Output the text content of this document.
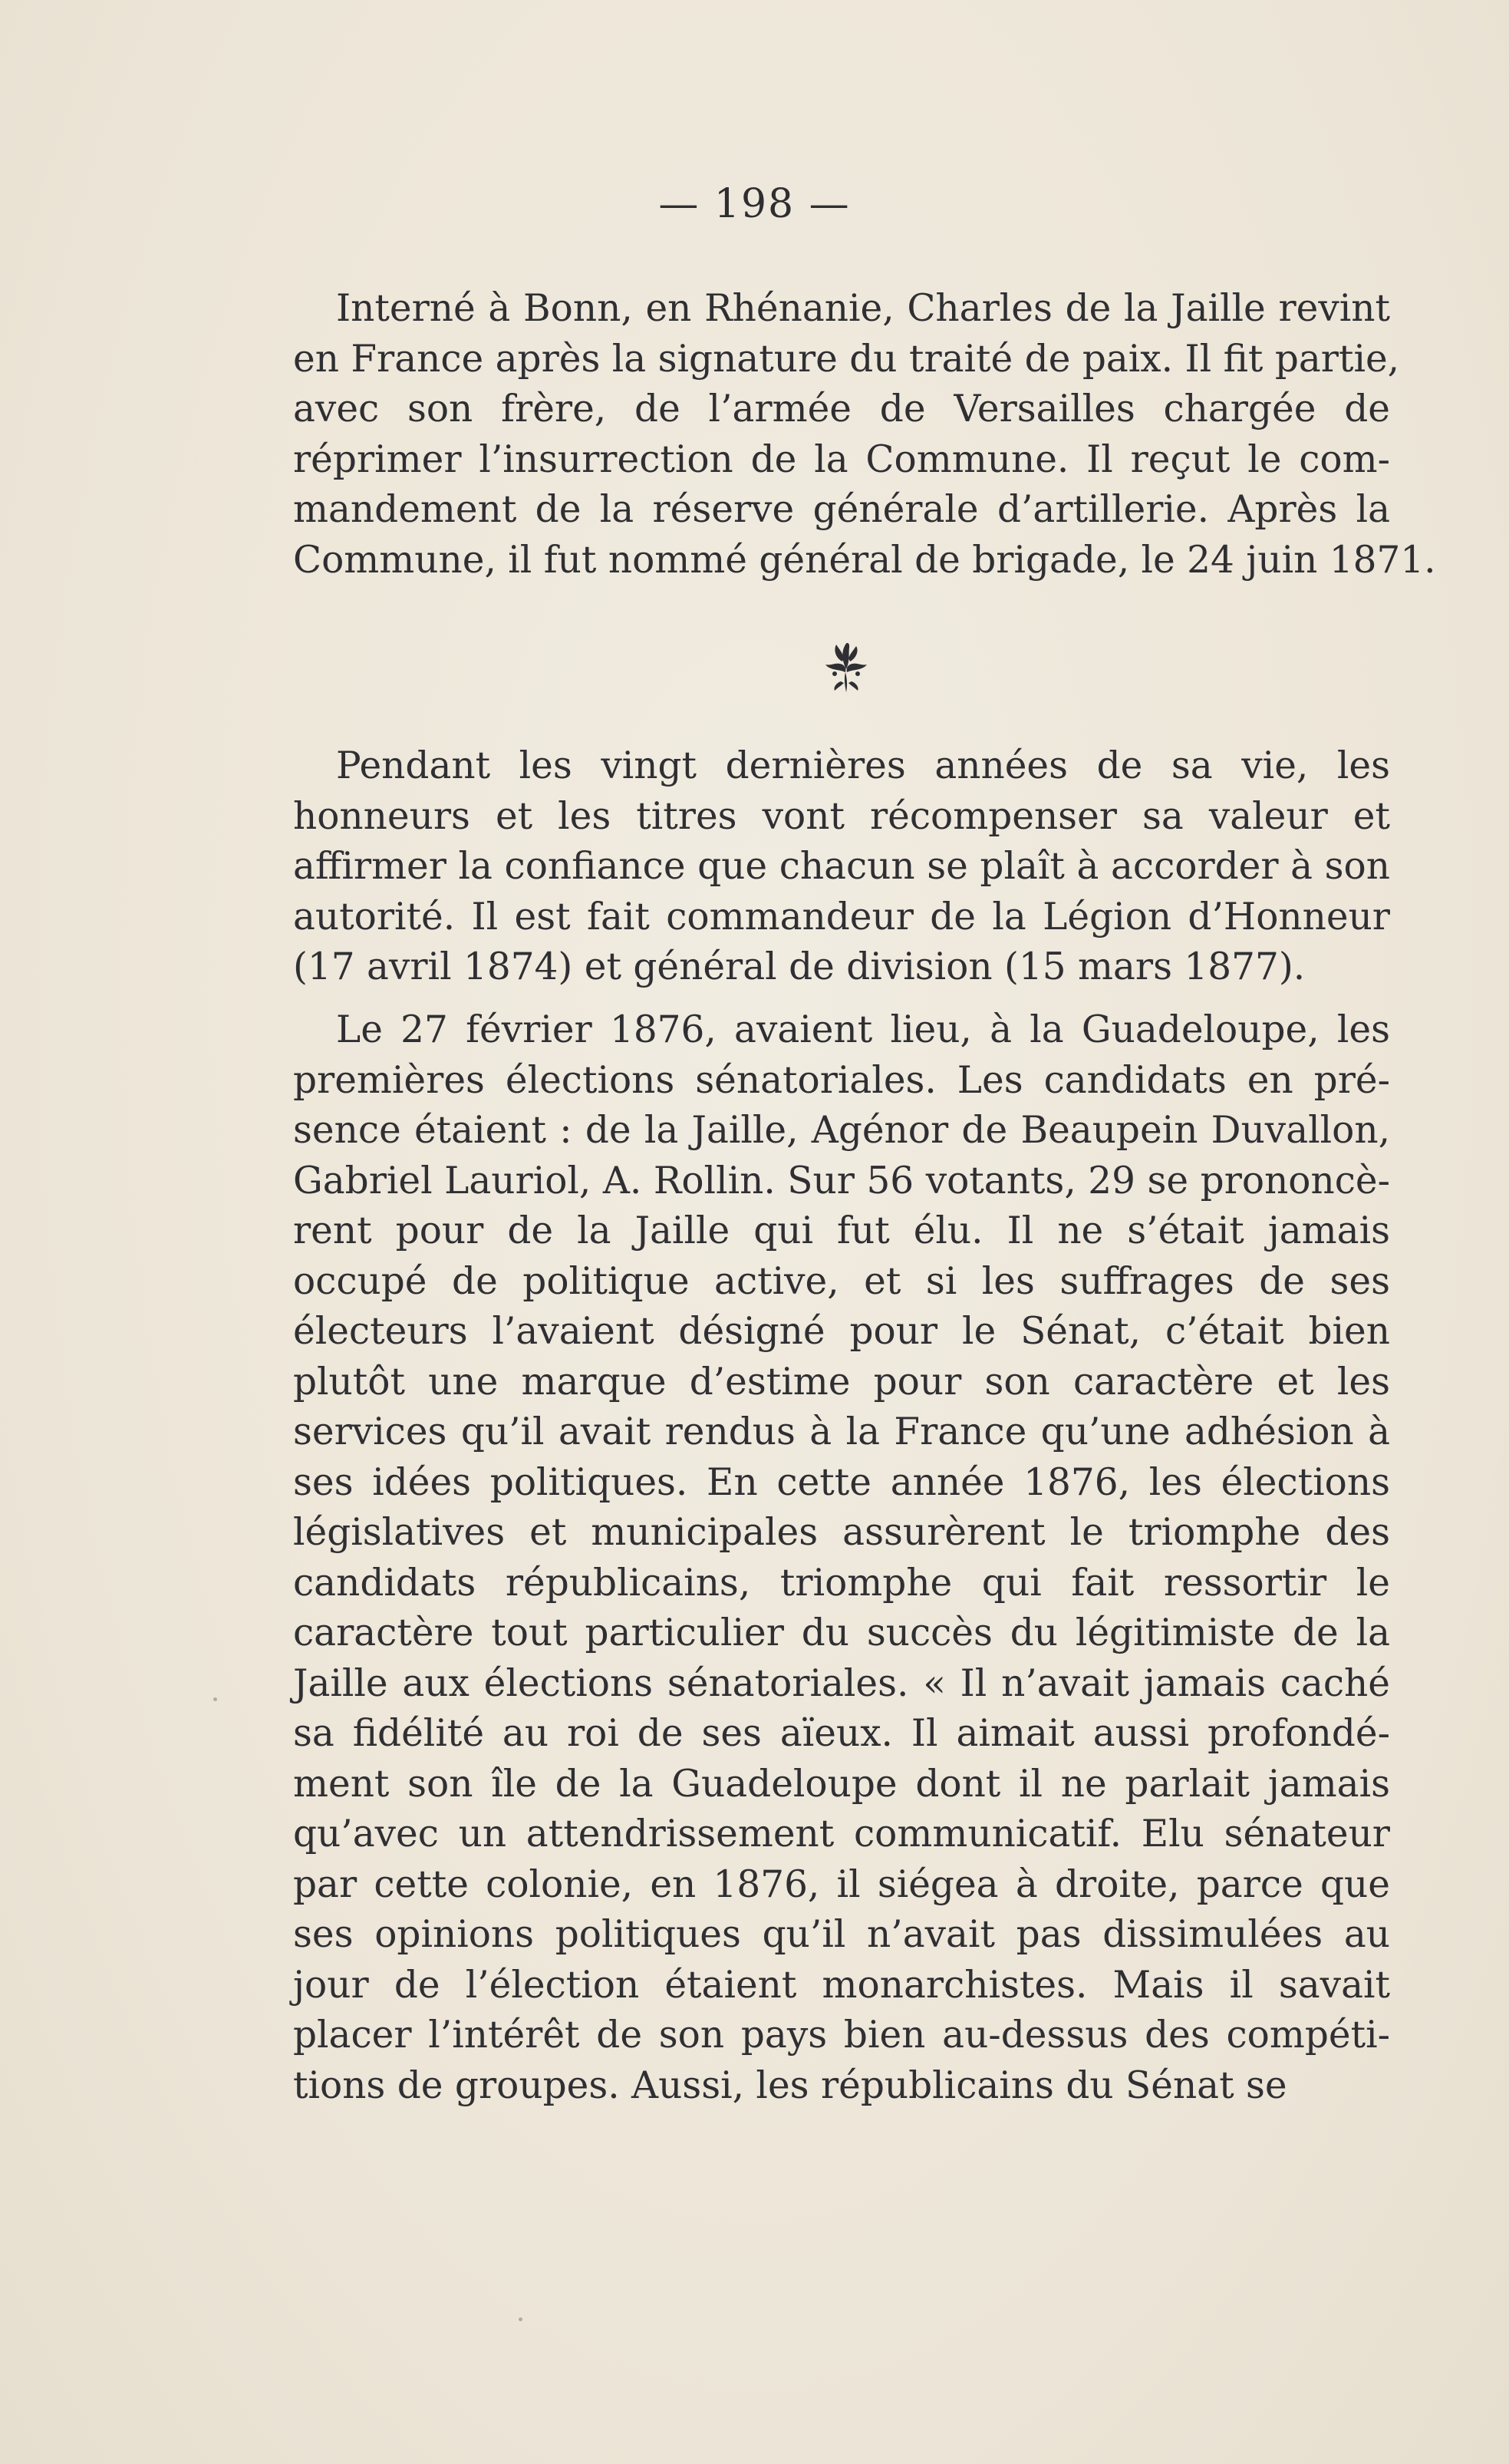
— 198 —
Interné à Bonn, en Rhénanie, Charles de la Jaille revint
en France après la signature du traité de paix. Il fit partie,
avec son frère, de l’armée de Versailles chargée de
réprimer l’insurrection de la Commune. Il reçut le com-
mandement de la réserve générale d’artillerie. Après la
Commune, il fut nommé général de brigade, le 24 juin 1871.
Pendant les vingt dernières années de sa vie, les
honneurs et les titres vont récompenser sa valeur et
affirmer la confiance que chacun se plaît à accorder à son
autorité. Il est fait commandeur de la Légion d’Honneur
(17 avril 1874) et général de division (15 mars 1877).
Le 27 février 1876, avaient lieu, à la Guadeloupe, les
premières élections sénatoriales. Les candidats en pré-
sence étaient : de la Jaille, Agénor de Beaupein Duvallon,
Gabriel Lauriol, A. Rollin. Sur 56 votants, 29 se prononcè-
rent pour de la Jaille qui fut élu. Il ne s’était jamais
occupé de politique active, et si les suffrages de ses
électeurs l’avaient désigné pour le Sénat, c’était bien
plutôt une marque d’estime pour son caractère et les
services qu’il avait rendus à la France qu’une adhésion à
ses idées politiques. En cette année 1876, les élections
législatives et municipales assurèrent le triomphe des
candidats républicains, triomphe qui fait ressortir le
caractère tout particulier du succès du légitimiste de la
Jaille aux élections sénatoriales. « Il n’avait jamais caché
sa fidélité au roi de ses aïeux. Il aimait aussi profondé-
ment son île de la Guadeloupe dont il ne parlait jamais
qu’avec un attendrissement communicatif. Elu sénateur
par cette colonie, en 1876, il siégea à droite, parce que
ses opinions politiques qu’il n’avait pas dissimulées au
jour de l’élection étaient monarchistes. Mais il savait
placer l’intérêt de son pays bien au-dessus des compéti-
tions de groupes. Aussi, les républicains du Sénat se
